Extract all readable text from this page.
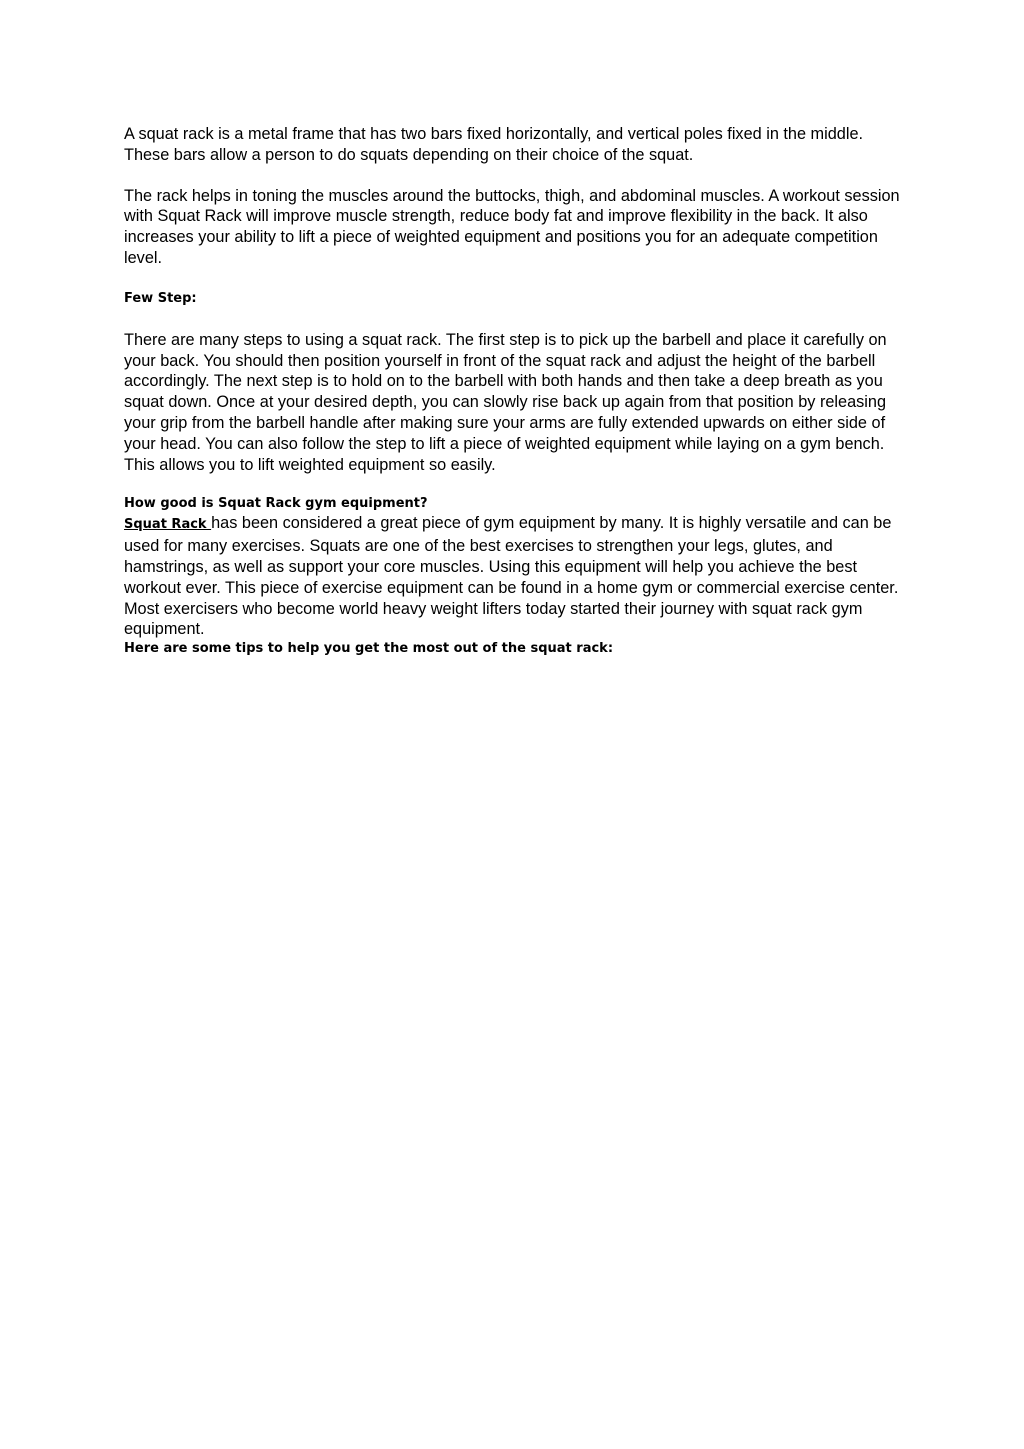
A squat rack is a metal frame that has two bars fixed horizontally, and vertical poles fixed in the middle. These bars allow a person to do squats depending on their choice of the squat.

The rack helps in toning the muscles around the buttocks, thigh, and abdominal muscles. A workout session with Squat Rack will improve muscle strength, reduce body fat and improve flexibility in the back. It also increases your ability to lift a piece of weighted equipment and positions you for an adequate competition level.

Few Step:

There are many steps to using a squat rack. The first step is to pick up the barbell and place it carefully on your back. You should then position yourself in front of the squat rack and adjust the height of the barbell accordingly. The next step is to hold on to the barbell with both hands and then take a deep breath as you squat down. Once at your desired depth, you can slowly rise back up again from that position by releasing your grip from the barbell handle after making sure your arms are fully extended upwards on either side of your head. You can also follow the step to lift a piece of weighted equipment while laying on a gym bench. This allows you to lift weighted equipment so easily.

How good is Squat Rack gym equipment?

Squat Rack has been considered a great piece of gym equipment by many. It is highly versatile and can be used for many exercises. Squats are one of the best exercises to strengthen your legs, glutes, and hamstrings, as well as support your core muscles. Using this equipment will help you achieve the best workout ever. This piece of exercise equipment can be found in a home gym or commercial exercise center. Most exercisers who become world heavy weight lifters today started their journey with squat rack gym equipment.

Here are some tips to help you get the most out of the squat rack:
